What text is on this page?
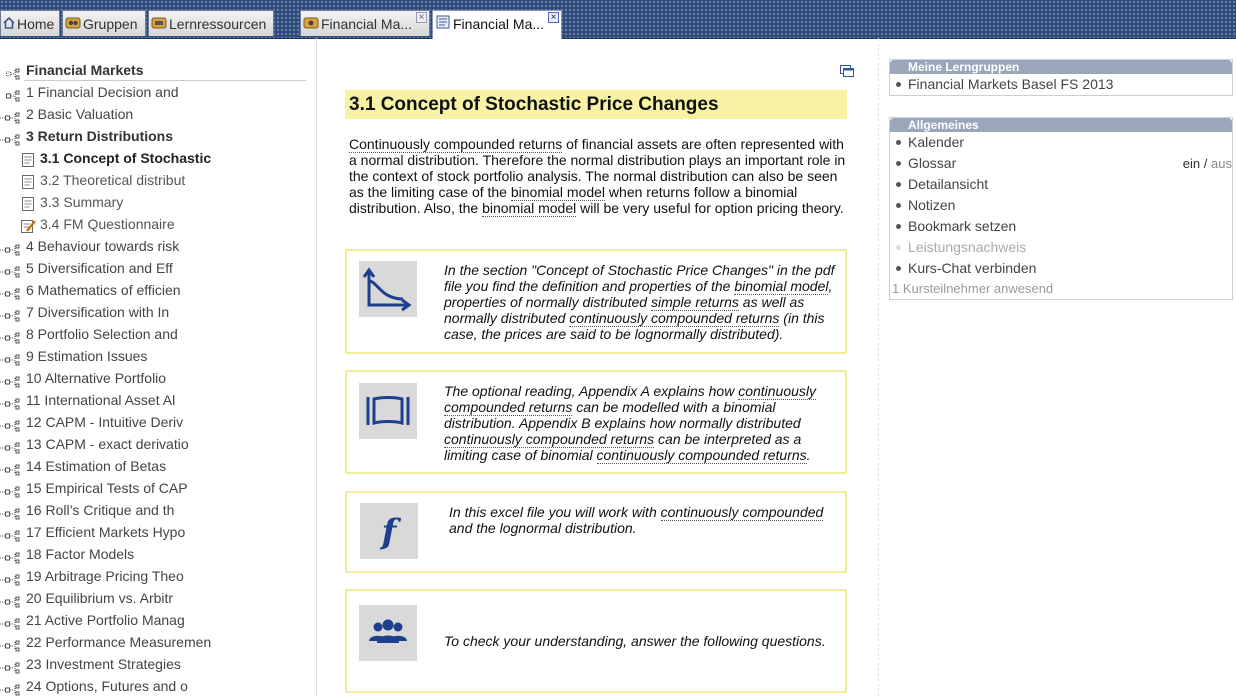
Home	Gruppen	Lernressourcen	Financial Ma... ×	Financial Ma... ×
Financial Markets
1 Financial Decision and
2 Basic Valuation
3 Return Distributions
3.1 Concept of Stochastic
3.2 Theoretical distribut
3.3 Summary
3.4 FM Questionnaire
4 Behaviour towards risk
5 Diversification and Eff
6 Mathematics of efficien
7 Diversification with In
8 Portfolio Selection and
9 Estimation Issues
10 Alternative Portfolio
11 International Asset Al
12 CAPM - Intuitive Deriv
13 CAPM - exact derivatio
14 Estimation of Betas
15 Empirical Tests of CAP
16 Roll’s Critique and th
17 Efficient Markets Hypo
18 Factor Models
19 Arbitrage Pricing Theo
20 Equilibrium vs. Arbitr
21 Active Portfolio Manag
22 Performance Measuremen
23 Investment Strategies
24 Options, Futures and o
3.1 Concept of Stochastic Price Changes
Continuously compounded returns of financial assets are often represented with a normal distribution. Therefore the normal distribution plays an important role in the context of stock portfolio analysis. The normal distribution can also be seen as the limiting case of the binomial model when returns follow a binomial distribution. Also, the binomial model will be very useful for option pricing theory.
In the section "Concept of Stochastic Price Changes" in the pdf file you find the definition and properties of the binomial model, properties of normally distributed simple returns as well as normally distributed continuously compounded returns (in this case, the prices are said to be lognormally distributed).
The optional reading, Appendix A explains how continuously compounded returns can be modelled with a binomial distribution. Appendix B explains how normally distributed continuously compounded returns can be interpreted as a limiting case of binomial continuously compounded returns.
f	In this excel file you will work with continuously compounded and the lognormal distribution.
To check your understanding, answer the following questions.
Meine Lerngruppen
Financial Markets Basel FS 2013
Allgemeines
Kalender
Glossar	ein / aus
Detailansicht
Notizen
Bookmark setzen
Leistungsnachweis
Kurs-Chat verbinden
1 Kursteilnehmer anwesend
